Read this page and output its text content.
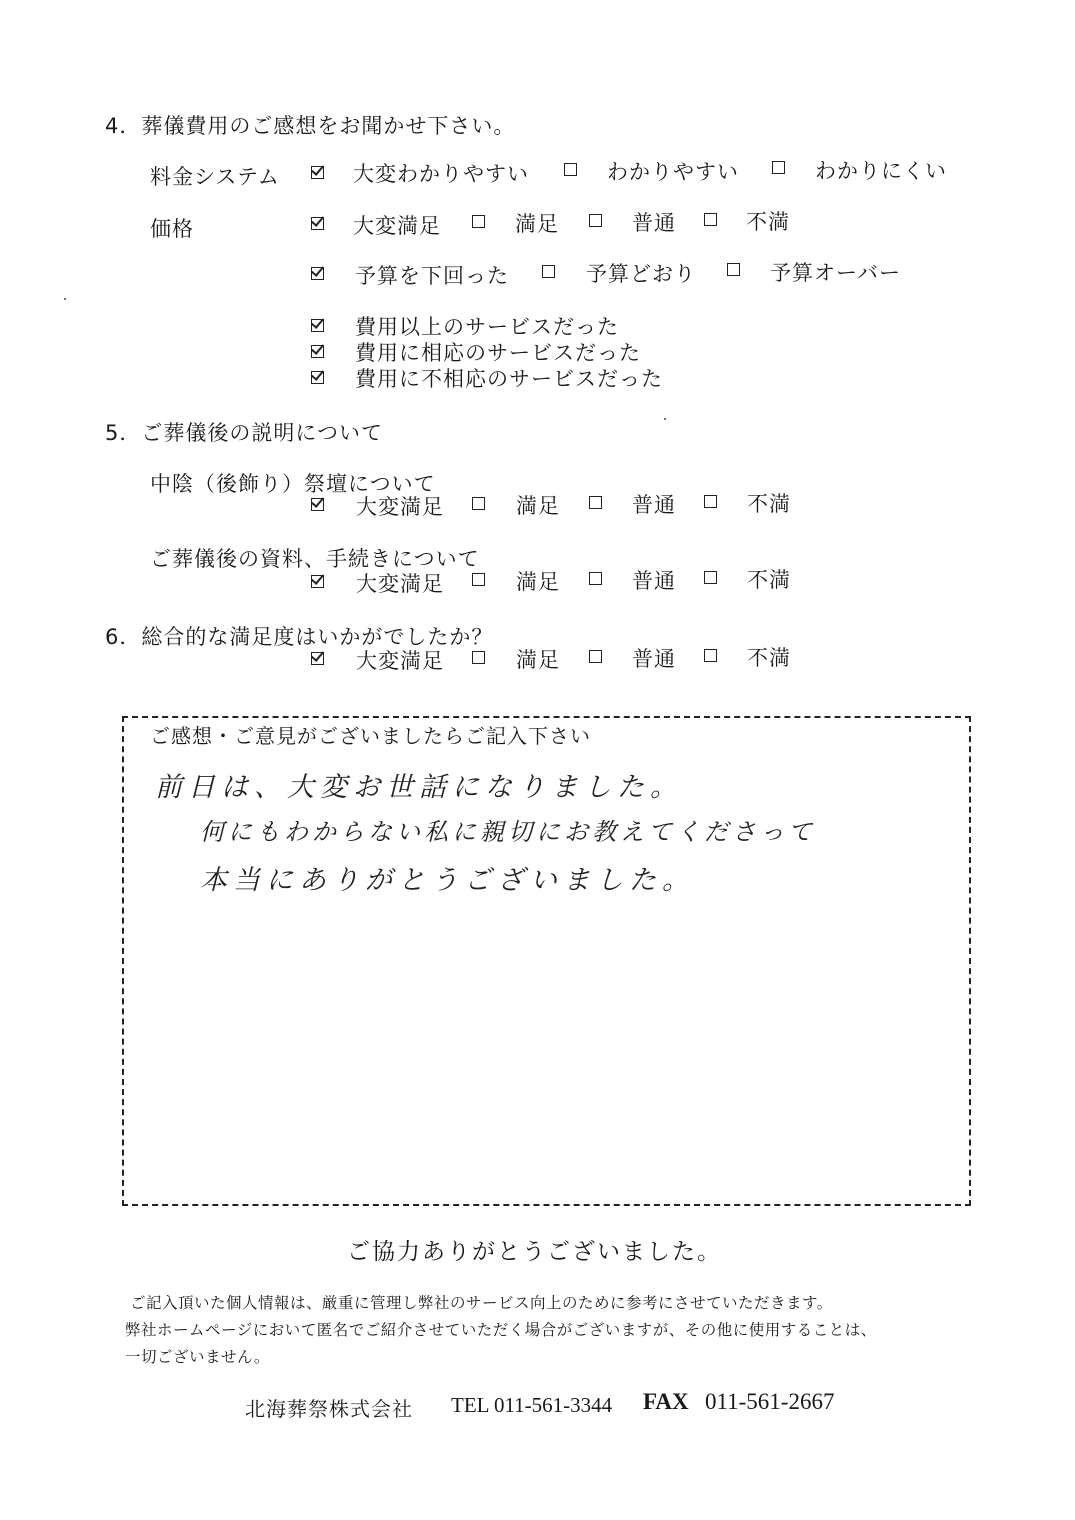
4．葬儀費用のご感想をお聞かせ下さい。
料金システム	大変わかりやすい	わかりやすい	わかりにくい
価格	大変満足	満足	普通	不満
予算を下回った	予算どおり	予算オーバー
費用以上のサービスだった
費用に相応のサービスだった
費用に不相応のサービスだった
5．ご葬儀後の説明について
中陰（後飾り）祭壇について
大変満足	満足	普通	不満
ご葬儀後の資料、手続きについて
大変満足	満足	普通	不満
6．総合的な満足度はいかがでしたか？
大変満足	満足	普通	不満
ご感想・ご意見がございましたらご記入下さい
前日は、大変お世話になりました。
何にもわからない私に親切にお教えてくださって
本当にありがとうございました。
ご協力ありがとうございました。
ご記入頂いた個人情報は、厳重に管理し弊社のサービス向上のために参考にさせていただきます。
弊社ホームページにおいて匿名でご紹介させていただく場合がございますが、その他に使用することは、
一切ございません。
北海葬祭株式会社 TEL 011-561-3344 FAX 011-561-2667
